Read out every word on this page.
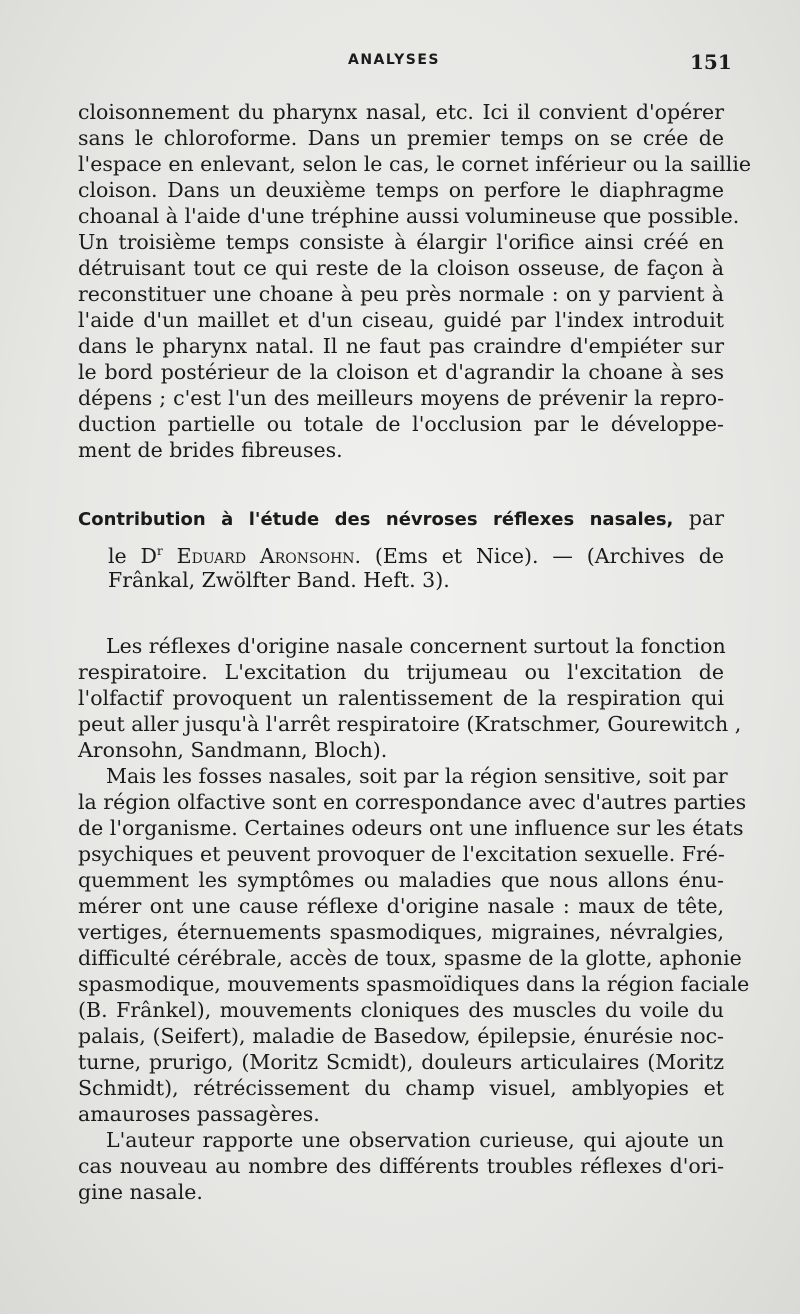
ANALYSES	151
cloisonnement du pharynx nasal, etc. Ici il convient d'opérer
sans le chloroforme. Dans un premier temps on se crée de
l'espace en enlevant, selon le cas, le cornet inférieur ou la saillie
cloison. Dans un deuxième temps on perfore le diaphragme
choanal à l'aide d'une tréphine aussi volumineuse que possible.
Un troisième temps consiste à élargir l'orifice ainsi créé en
détruisant tout ce qui reste de la cloison osseuse, de façon à
reconstituer une choane à peu près normale : on y parvient à
l'aide d'un maillet et d'un ciseau, guidé par l'index introduit
dans le pharynx natal. Il ne faut pas craindre d'empiéter sur
le bord postérieur de la cloison et d'agrandir la choane à ses
dépens ; c'est l'un des meilleurs moyens de prévenir la repro-
duction partielle ou totale de l'occlusion par le développe-
ment de brides fibreuses.
Contribution à l'étude des névroses réflexes nasales, par
le $D^r$ Eduard Aronsohn. (Ems et Nice). — (Archives de
Frânkal, Zwölfter Band. Heft. 3).
Les réflexes d'origine nasale concernent surtout la fonction
respiratoire. L'excitation du trijumeau ou l'excitation de
l'olfactif provoquent un ralentissement de la respiration qui
peut aller jusqu'à l'arrêt respiratoire (Kratschmer, Gourewitch ,
Aronsohn, Sandmann, Bloch).
Mais les fosses nasales, soit par la région sensitive, soit par
la région olfactive sont en correspondance avec d'autres parties
de l'organisme. Certaines odeurs ont une influence sur les états
psychiques et peuvent provoquer de l'excitation sexuelle. Fré-
quemment les symptômes ou maladies que nous allons énu-
mérer ont une cause réflexe d'origine nasale : maux de tête,
vertiges, éternuements spasmodiques, migraines, névralgies,
difficulté cérébrale, accès de toux, spasme de la glotte, aphonie
spasmodique, mouvements spasmoïdiques dans la région faciale
(B. Frânkel), mouvements cloniques des muscles du voile du
palais, (Seifert), maladie de Basedow, épilepsie, énurésie noc-
turne, prurigo, (Moritz Scmidt), douleurs articulaires (Moritz
Schmidt), rétrécissement du champ visuel, amblyopies et
amauroses passagères.
L'auteur rapporte une observation curieuse, qui ajoute un
cas nouveau au nombre des différents troubles réflexes d'ori-
gine nasale.
